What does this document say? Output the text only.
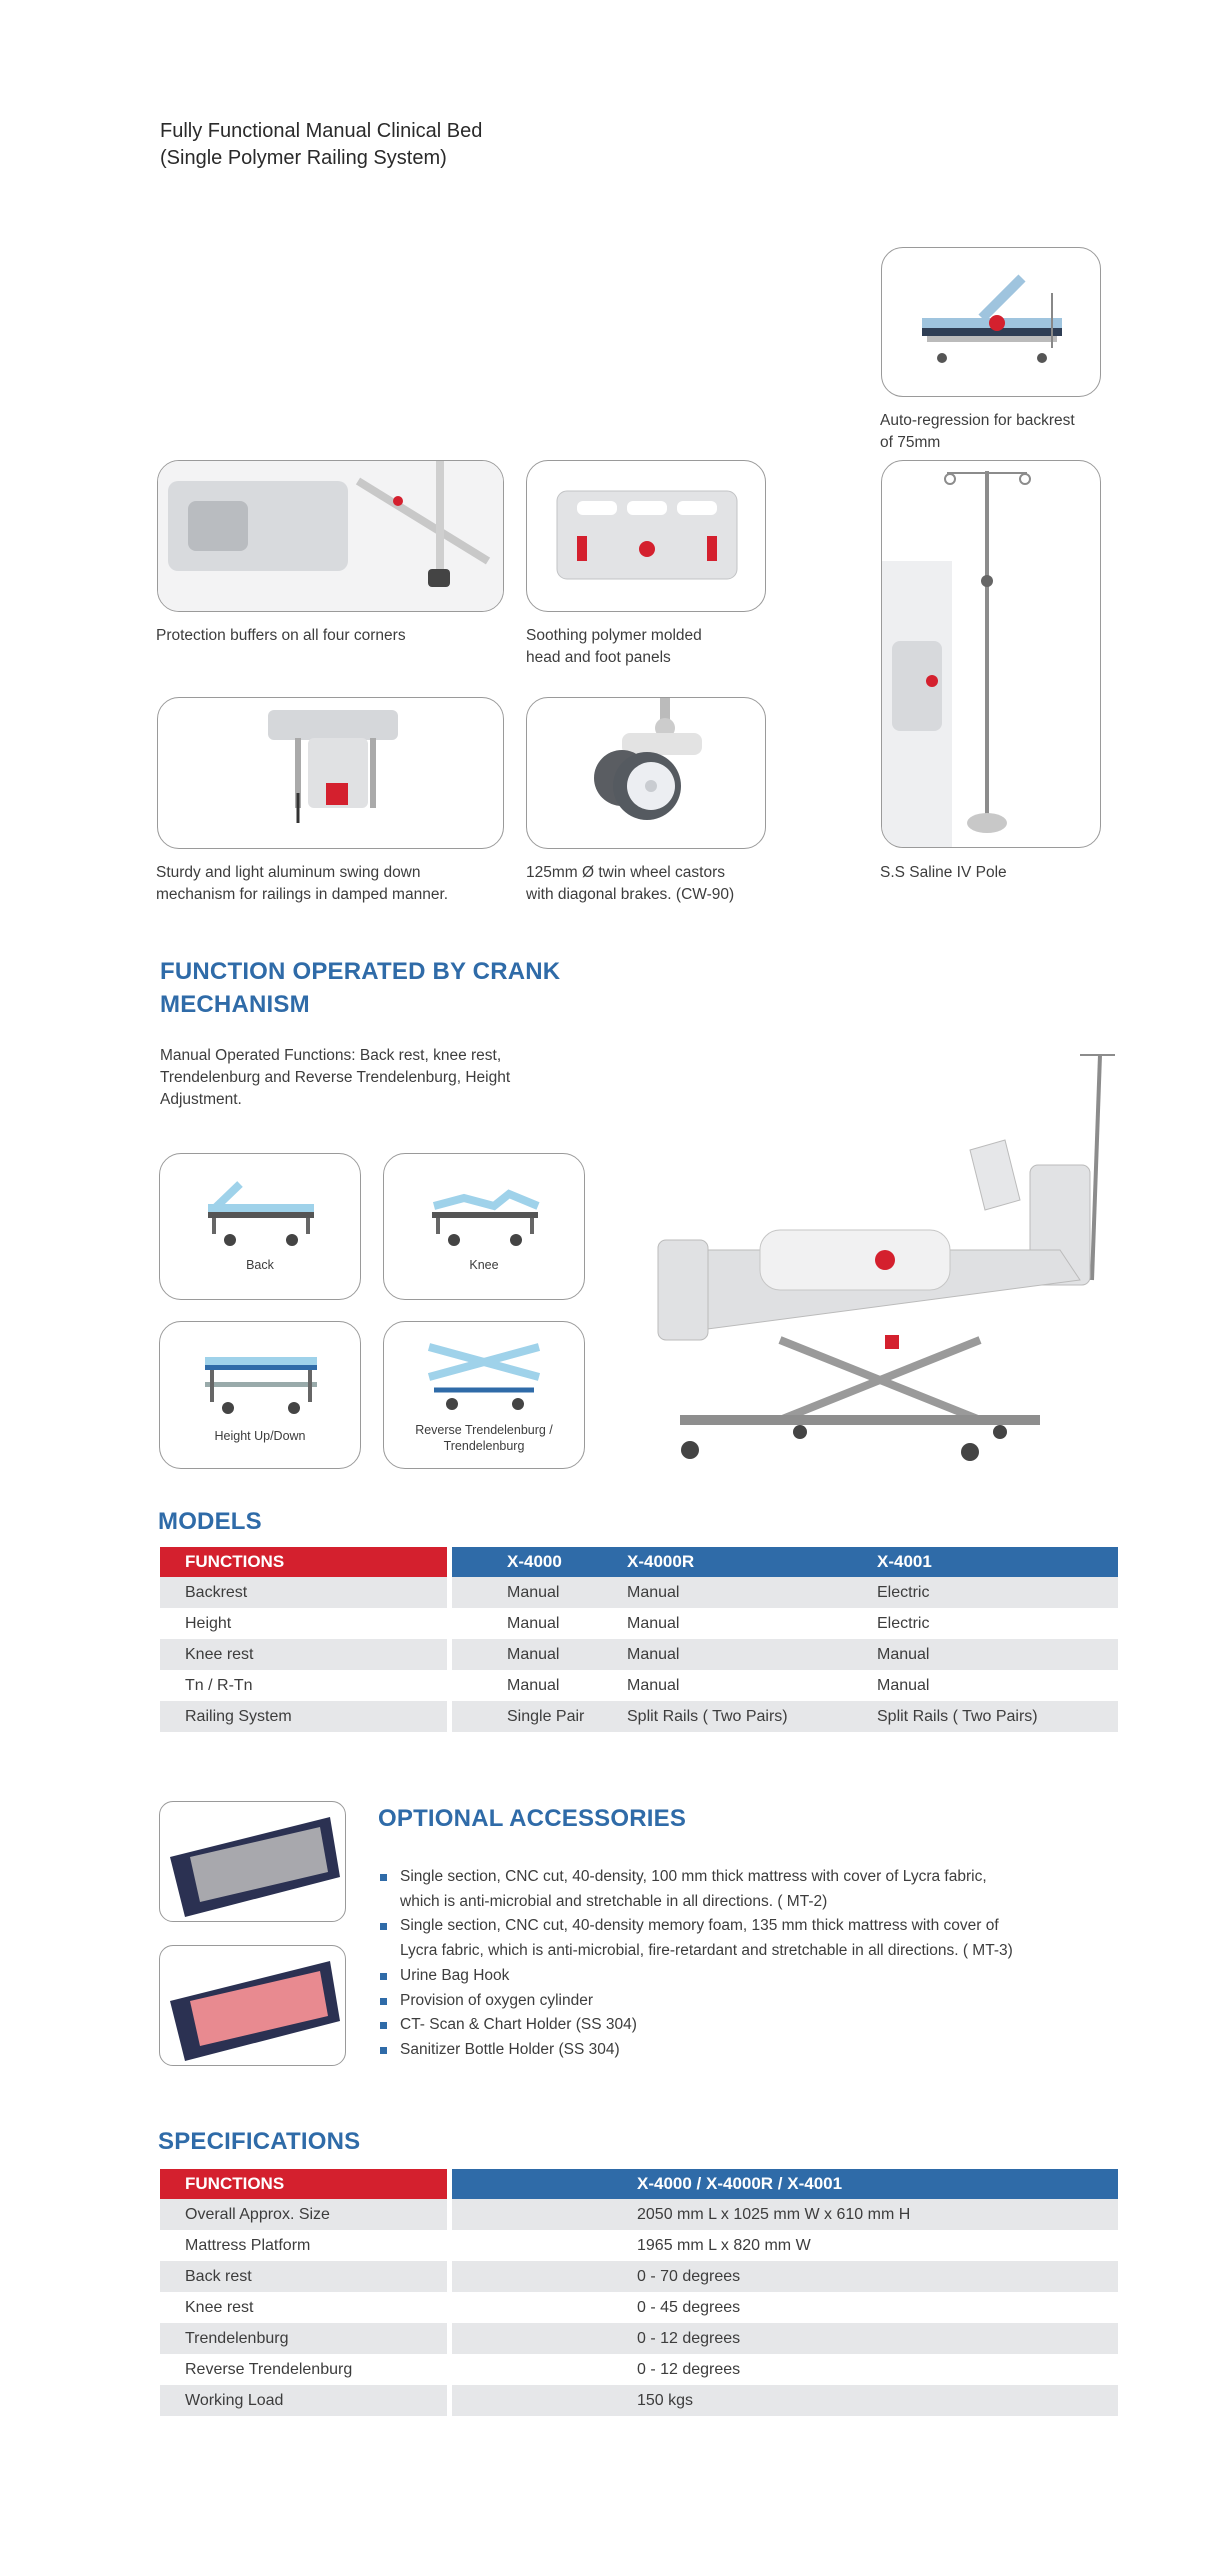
Fully Functional Manual Clinical Bed
(Single Polymer Railing System)
Auto-regression for backrest
of 75mm
Protection buffers on all four corners	Soothing polymer molded
head and foot panels
S.S Saline IV Pole
Sturdy and light aluminum swing down
mechanism for railings in damped manner.
125mm Ø twin wheel castors
with diagonal brakes. (CW-90)
FUNCTION OPERATED BY CRANK
MECHANISM
Manual Operated Functions: Back rest, knee rest, Trendelenburg and Reverse Trendelenburg, Height Adjustment.
Back	Knee
Height Up/Down	Reverse Trendelenburg /
Trendelenburg
MODELS
FUNCTIONS		X-4000	X-4000R	X-4001
Backrest		Manual	Manual	Electric
Height		Manual	Manual	Electric
Knee rest		Manual	Manual	Manual
Tn / R-Tn		Manual	Manual	Manual
Railing System		Single Pair	Split Rails ( Two Pairs)	Split Rails ( Two Pairs)
OPTIONAL ACCESSORIES
Single section, CNC cut, 40-density, 100 mm thick mattress with cover of Lycra fabric,
which is anti-microbial and stretchable in all directions. ( MT-2)
Single section, CNC cut, 40-density memory foam, 135 mm thick mattress with cover of
Lycra fabric, which is anti-microbial, fire-retardant and stretchable in all directions. ( MT-3)
Urine Bag Hook
Provision of oxygen cylinder
CT- Scan & Chart Holder (SS 304)
Sanitizer Bottle Holder (SS 304)
SPECIFICATIONS
FUNCTIONS		X-4000 / X-4000R / X-4001
Overall Approx. Size		2050 mm L x 1025 mm W x 610 mm H
Mattress Platform		1965 mm L x 820 mm W
Back rest		0 - 70 degrees
Knee rest		0 - 45 degrees
Trendelenburg		0 - 12 degrees
Reverse Trendelenburg		0 - 12 degrees
Working Load		150 kgs
